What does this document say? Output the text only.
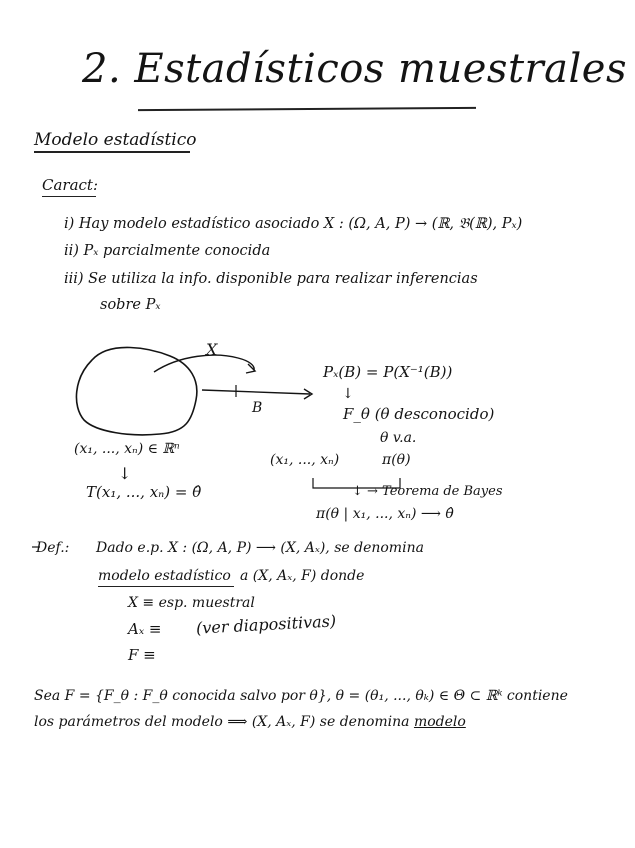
2. Estadísticos muestrales
Modelo estadístico
Caract:
i) Hay modelo estadístico asociado X : (Ω, A, P) → (ℝ, 𝔅(ℝ), Pₓ)
ii) Pₓ parcialmente conocida
iii) Se utiliza la info. disponible para realizar inferencias
sobre Pₓ
X
B
Pₓ(B) = P(X⁻¹(B))
↓
F_θ (θ desconocido)
θ v.a.
(x₁, ..., xₙ) ∈ ℝⁿ
↓
T(x₁, ..., xₙ) = θ̂
(x₁, ..., xₙ)	π(θ)
↓ → Teorema de Bayes
π(θ | x₁, ..., xₙ) ⟶ θ̂
Def.: Dado e.p. X : (Ω, A, P) ⟶ (X, Aₓ), se denomina
modelo estadístico a (X, Aₓ, F) donde
X ≡ esp. muestral
Aₓ ≡
F ≡
(ver diapositivas)
Sea F = {F_θ : F_θ conocida salvo por θ}, θ = (θ₁, ..., θₖ) ∈ Θ ⊂ ℝᵏ contiene
los parámetros del modelo ⟹ (X, Aₓ, F) se denomina modelo
